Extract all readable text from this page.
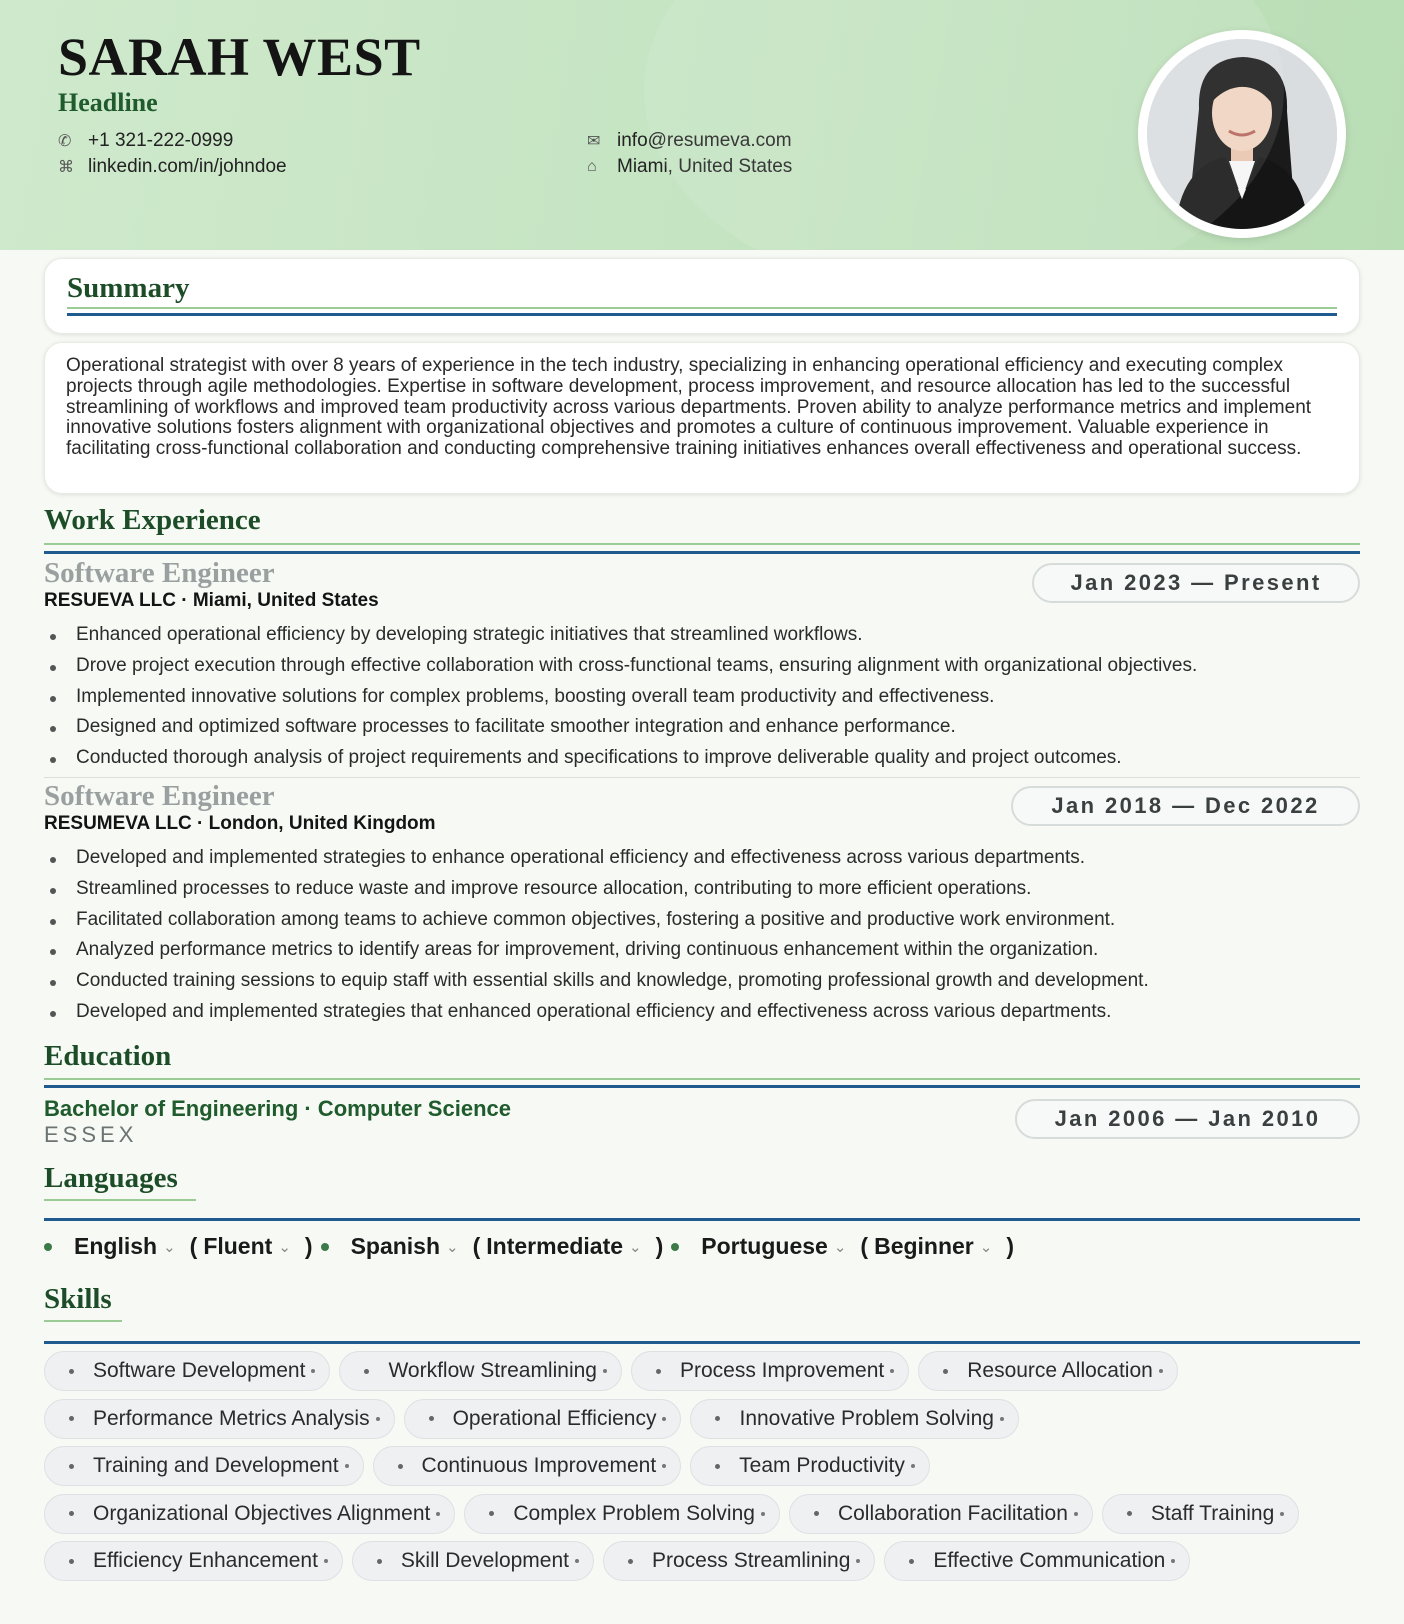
SARAH WEST
Headline
✆ +1 321-222-0999
⌘ linkedin.com/in/johndoe
✉ info@resumeva.com
⌂	Miami, United States
Summary
Operational strategist with over 8 years of experience in the tech industry, specializing in enhancing operational efficiency and executing complex projects through agile methodologies. Expertise in software development, process improvement, and resource allocation has led to the successful streamlining of workflows and improved team productivity across various departments. Proven ability to analyze performance metrics and implement innovative solutions fosters alignment with organizational objectives and promotes a culture of continuous improvement. Valuable experience in facilitating cross-functional collaboration and conducting comprehensive training initiatives enhances overall effectiveness and operational success.
Work Experience
Software Engineer
RESUEVA LLC · Miami, United States
Jan 2023 — Present
Enhanced operational efficiency by developing strategic initiatives that streamlined workflows.
Drove project execution through effective collaboration with cross-functional teams, ensuring alignment with organizational objectives.
Implemented innovative solutions for complex problems, boosting overall team productivity and effectiveness.
Designed and optimized software processes to facilitate smoother integration and enhance performance.
Conducted thorough analysis of project requirements and specifications to improve deliverable quality and project outcomes.
Software Engineer
RESUMEVA LLC · London, United Kingdom
Jan 2018 — Dec 2022
Developed and implemented strategies to enhance operational efficiency and effectiveness across various departments.
Streamlined processes to reduce waste and improve resource allocation, contributing to more efficient operations.
Facilitated collaboration among teams to achieve common objectives, fostering a positive and productive work environment.
Analyzed performance metrics to identify areas for improvement, driving continuous enhancement within the organization.
Conducted training sessions to equip staff with essential skills and knowledge, promoting professional growth and development.
Developed and implemented strategies that enhanced operational efficiency and effectiveness across various departments.
Education
Bachelor of Engineering · Computer Science
ESSEX
Jan 2006 — Jan 2010
Languages
English ⌄ ( Fluent ⌄ ) Spanish ⌄ ( Intermediate ⌄ ) Portuguese ⌄ ( Beginner ⌄ )
Skills
Software Development	Workflow Streamlining	Process Improvement	Resource Allocation
Performance Metrics Analysis	Operational Efficiency	Innovative Problem Solving
Training and Development	Continuous Improvement	Team Productivity
Organizational Objectives Alignment	Complex Problem Solving	Collaboration Facilitation	Staff Training
Efficiency Enhancement	Skill Development	Process Streamlining	Effective Communication
